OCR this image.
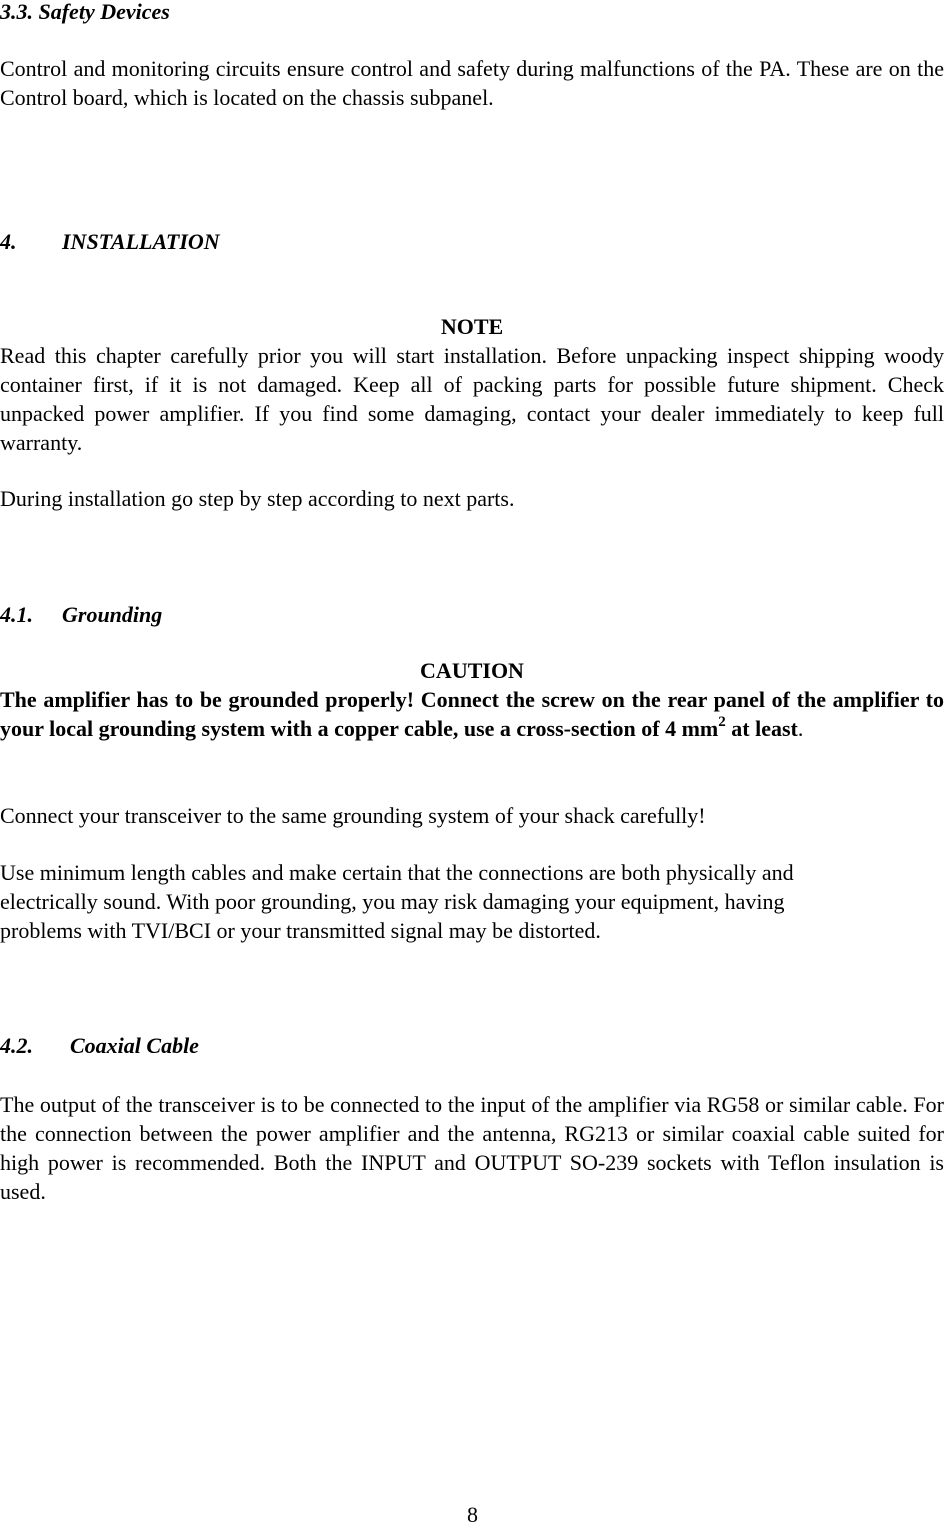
3.3. Safety Devices
Control and monitoring circuits ensure control and safety during malfunctions of the PA. These are on the Control board, which is located on the chassis subpanel.
4. INSTALLATION
NOTE
Read this chapter carefully prior you will start installation. Before unpacking inspect shipping woody container first, if it is not damaged. Keep all of packing parts for possible future shipment. Check unpacked power amplifier. If you find some damaging, contact your dealer immediately to keep full warranty.
During installation go step by step according to next parts.
4.1. Grounding
CAUTION
The amplifier has to be grounded properly! Connect the screw on the rear panel of the amplifier to your local grounding system with a copper cable, use a cross-section of 4 $mm^2$ at least.
Connect your transceiver to the same grounding system of your shack carefully!
Use minimum length cables and make certain that the connections are both physically and
electrically sound. With poor grounding, you may risk damaging your equipment, having
problems with TVI/BCI or your transmitted signal may be distorted.
4.2. Coaxial Cable
The output of the transceiver is to be connected to the input of the amplifier via RG58 or similar cable. For the connection between the power amplifier and the antenna, RG213 or similar coaxial cable suited for high power is recommended. Both the INPUT and OUTPUT SO-239 sockets with Teflon insulation is used.
8
